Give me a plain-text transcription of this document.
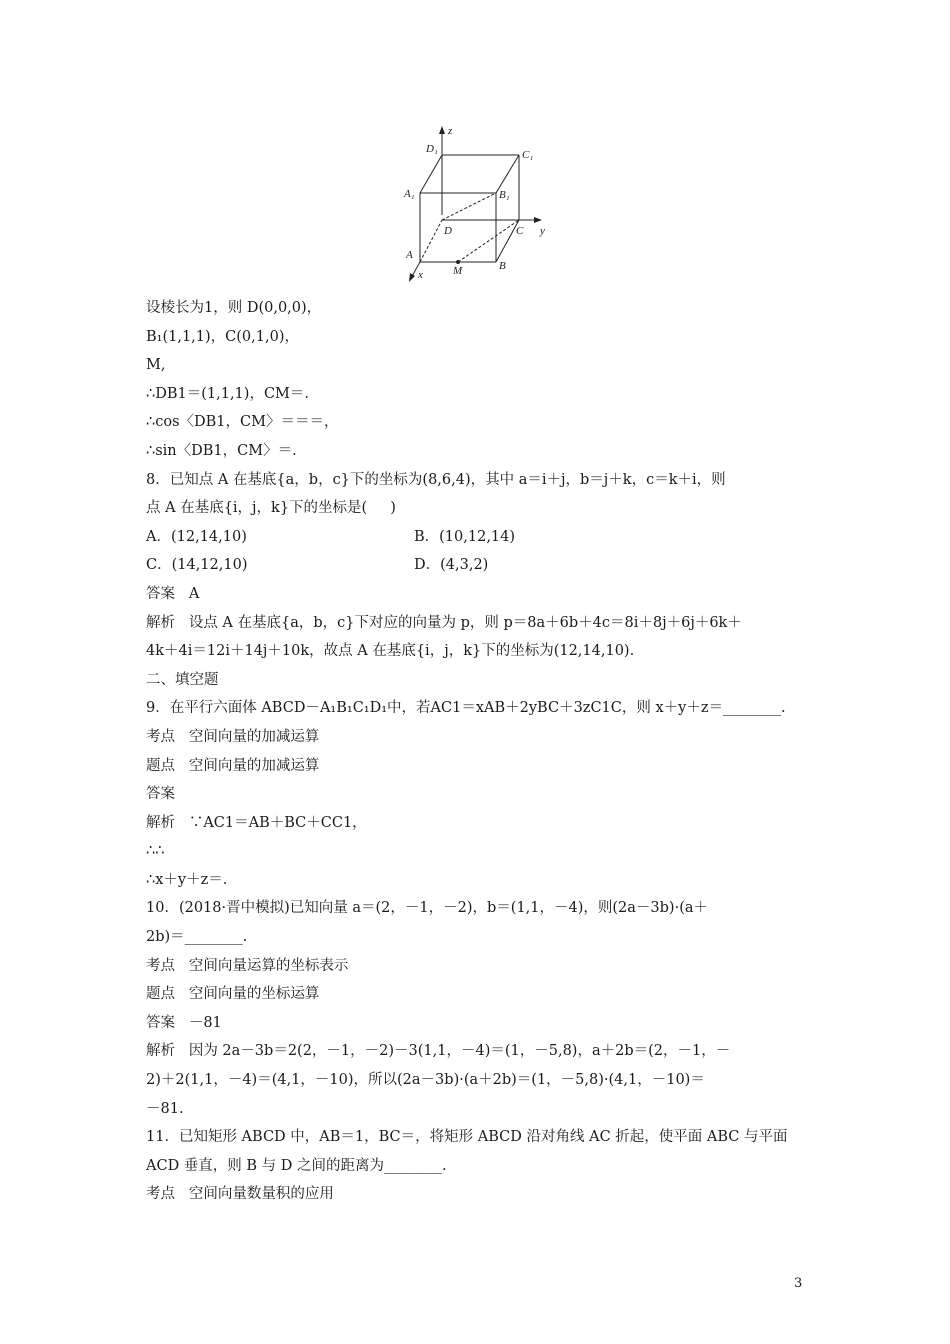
z
y
x
D₁	C₁
A₁	B₁
D	C
A
B
M
设棱长为1，则 D(0,0,0)，
B₁(1,1,1)，C(0,1,0)，
M,
∴DB1＝(1,1,1)，CM＝.
∴cos〈DB1，CM〉＝＝＝，
∴sin〈DB1，CM〉＝.
8．已知点 A 在基底{a，b，c}下的坐标为(8,6,4)，其中 a＝i＋j，b＝j＋k，c＝k＋i，则
点 A 在基底{i，j，k}下的坐标是(     )
A．(12,14,10)	B．(10,12,14)
C．(14,12,10)	D．(4,3,2)
答案   A
解析   设点 A 在基底{a，b，c}下对应的向量为 p，则 p＝8a＋6b＋4c＝8i＋8j＋6j＋6k＋
4k＋4i＝12i＋14j＋10k，故点 A 在基底{i，j，k}下的坐标为(12,14,10).
二、填空题
9．在平行六面体 ABCD－A₁B₁C₁D₁中，若AC1＝xAB＋2yBC＋3zC1C，则 x＋y＋z＝________.
考点   空间向量的加减运算
题点   空间向量的加减运算
答案
解析   ∵AC1＝AB＋BC＋CC1，
∴∴
∴x＋y＋z＝.
10．(2018·晋中模拟)已知向量 a＝(2，－1，－2)，b＝(1,1，－4)，则(2a－3b)·(a＋
2b)＝________.
考点   空间向量运算的坐标表示
题点   空间向量的坐标运算
答案   －81
解析   因为 2a－3b＝2(2，－1，－2)－3(1,1，－4)＝(1，－5,8)，a＋2b＝(2，－1，－
2)＋2(1,1，－4)＝(4,1，－10)，所以(2a－3b)·(a＋2b)＝(1，－5,8)·(4,1，－10)＝
－81.
11．已知矩形 ABCD 中，AB＝1，BC＝，将矩形 ABCD 沿对角线 AC 折起，使平面 ABC 与平面
ACD 垂直，则 B 与 D 之间的距离为________.
考点   空间向量数量积的应用
3
